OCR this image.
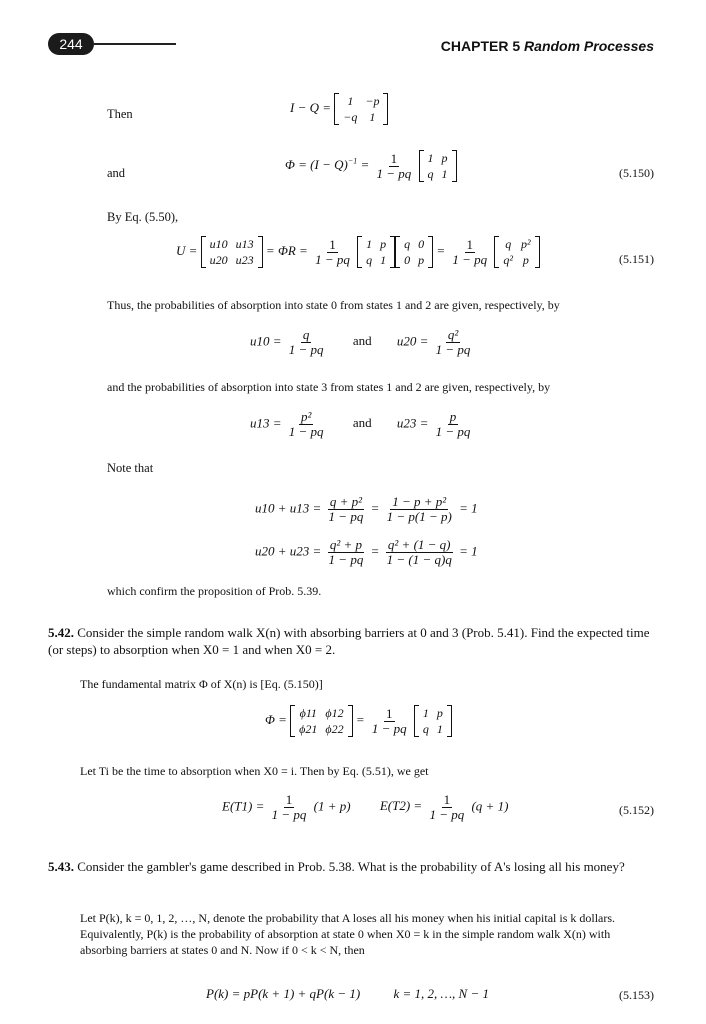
244	CHAPTER 5 Random Processes
Then	I − Q = 1	−p
−q	1
and
$\Phi = (I - Q)^{-1} = \frac{1}{1 - pq}$
1	p
q	1	(5.150)
By Eq. (5.50),
U = u10	u13
u20	u23
= $\Phi R = \frac{1}{1 - pq}$
1	p
q	1
q	0
0	p
= $\frac{1}{1 - pq}$
q	p²
q²	p	(5.151)
Thus, the probabilities of absorption into state 0 from states 1 and 2 are given, respectively, by
$u10 = \frac{q}{1 - pq}$ and $u20 = \frac{\text{q²}}{1 - pq}$
and the probabilities of absorption into state 3 from states 1 and 2 are given, respectively, by
$u13 = \frac{\text{p²}}{1 - pq}$ and $u23 = \frac{p}{1 - pq}$
Note that
$u10 + u13 = \frac{\text{q + p²}}{1 - pq} = \frac{\text{1 − p + p²}}{1 - p(1 - p)} = 1$
$u20 + u23 = \frac{\text{q² + p}}{1 - pq} = \frac{\text{q² + (1 − q)}}{1 - (1 - q)q} = 1$
which confirm the proposition of Prob. 5.39.
5.42. Consider the simple random walk X(n) with absorbing barriers at 0 and 3 (Prob. 5.41). Find the expected time (or steps) to absorption when X0 = 1 and when X0 = 2.
The fundamental matrix Φ of X(n) is [Eq. (5.150)]
Φ = ϕ11	ϕ12
ϕ21	ϕ22
= $\frac{1}{1 - pq}$
1	p
q	1
Let Ti be the time to absorption when X0 = i. Then by Eq. (5.51), we get
$E(T1) = \frac{1}{1 - pq} (1 + p) E(T2) = \frac{1}{1 - pq} (q + 1)$	(5.152)
5.43. Consider the gambler's game described in Prob. 5.38. What is the probability of A's losing all his money?
Let P(k), k = 0, 1, 2, …, N, denote the probability that A loses all his money when his initial capital is k dollars. Equivalently, P(k) is the probability of absorption at state 0 when X0 = k in the simple random walk X(n) with absorbing barriers at states 0 and N. Now if 0 < k < N, then
P(k) = pP(k + 1) + qP(k − 1)	k = 1, 2, …, N − 1	(5.153)
